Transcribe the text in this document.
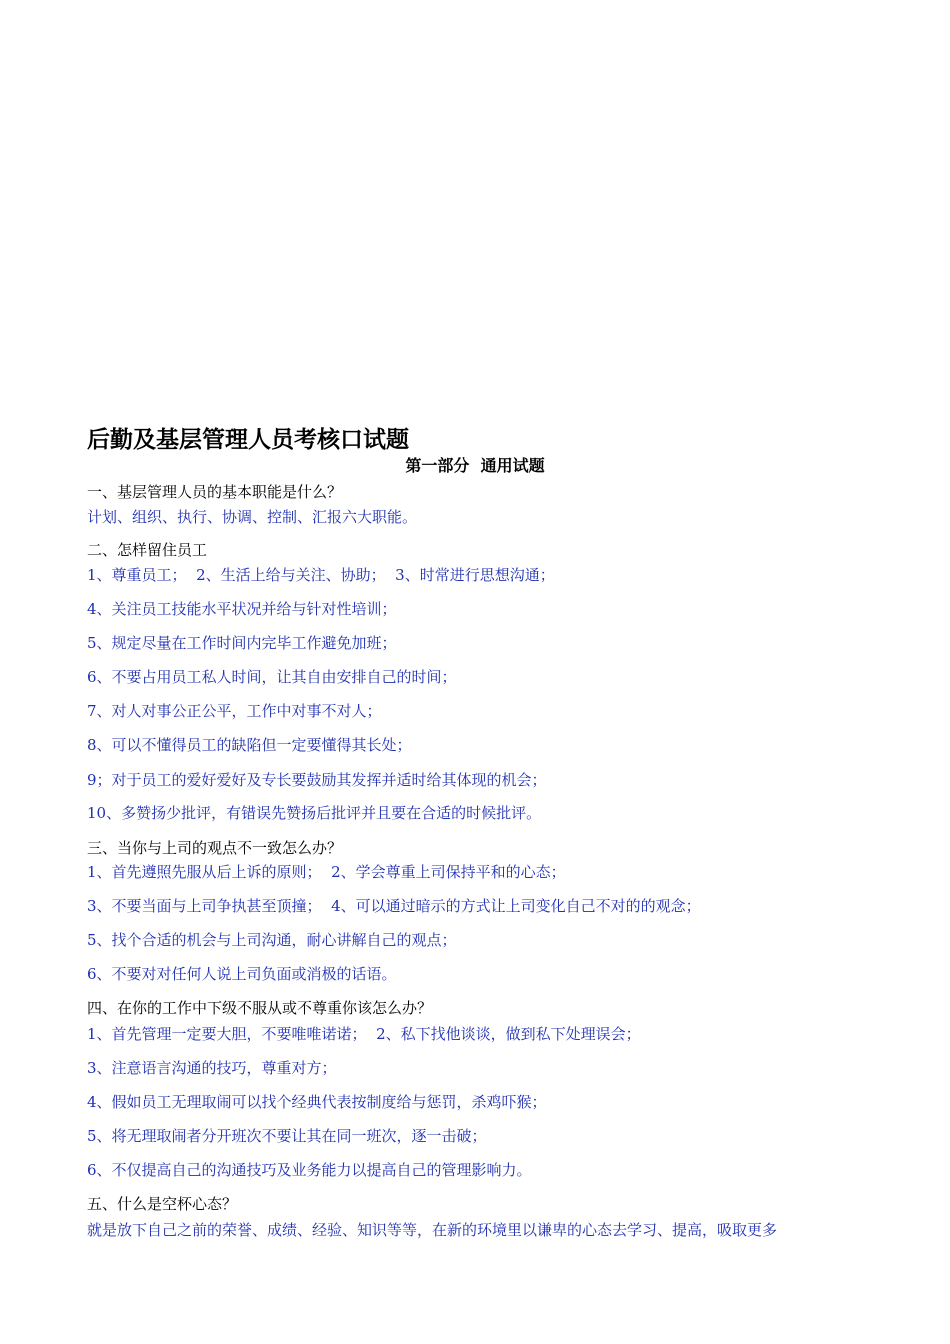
后勤及基层管理人员考核口试题
第一部分  通用试题
一、基层管理人员的基本职能是什么？
计划、组织、执行、协调、控制、汇报六大职能。
二、怎样留住员工
1、尊重员工；  2、生活上给与关注、协助；  3、时常进行思想沟通；
4、关注员工技能水平状况并给与针对性培训；
5、规定尽量在工作时间内完毕工作避免加班；
6、不要占用员工私人时间，让其自由安排自己的时间；
7、对人对事公正公平，工作中对事不对人；
8、可以不懂得员工的缺陷但一定要懂得其长处；
9；对于员工的爱好爱好及专长要鼓励其发挥并适时给其体现的机会；
10、多赞扬少批评，有错误先赞扬后批评并且要在合适的时候批评。
三、当你与上司的观点不一致怎么办？
1、首先遵照先服从后上诉的原则；  2、学会尊重上司保持平和的心态；
3、不要当面与上司争执甚至顶撞；  4、可以通过暗示的方式让上司变化自己不对的的观念；
5、找个合适的机会与上司沟通，耐心讲解自己的观点；
6、不要对对任何人说上司负面或消极的话语。
四、在你的工作中下级不服从或不尊重你该怎么办？
1、首先管理一定要大胆，不要唯唯诺诺；  2、私下找他谈谈，做到私下处理误会；
3、注意语言沟通的技巧，尊重对方；
4、假如员工无理取闹可以找个经典代表按制度给与惩罚，杀鸡吓猴；
5、将无理取闹者分开班次不要让其在同一班次，逐一击破；
6、不仅提高自己的沟通技巧及业务能力以提高自己的管理影响力。
五、什么是空杯心态？
就是放下自己之前的荣誉、成绩、经验、知识等等，在新的环境里以谦卑的心态去学习、提高，吸取更多
